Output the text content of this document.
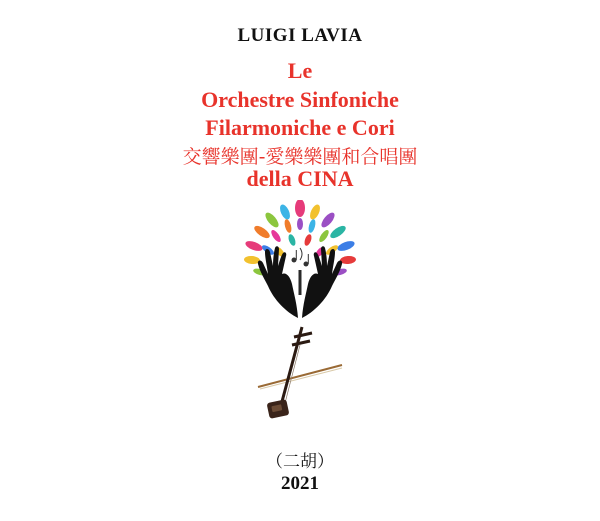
LUIGI LAVIA
Le
Orchestre Sinfoniche
Filarmoniche e Cori
交響樂團-愛樂樂團和合唱團
della CINA
（二胡）
2021
